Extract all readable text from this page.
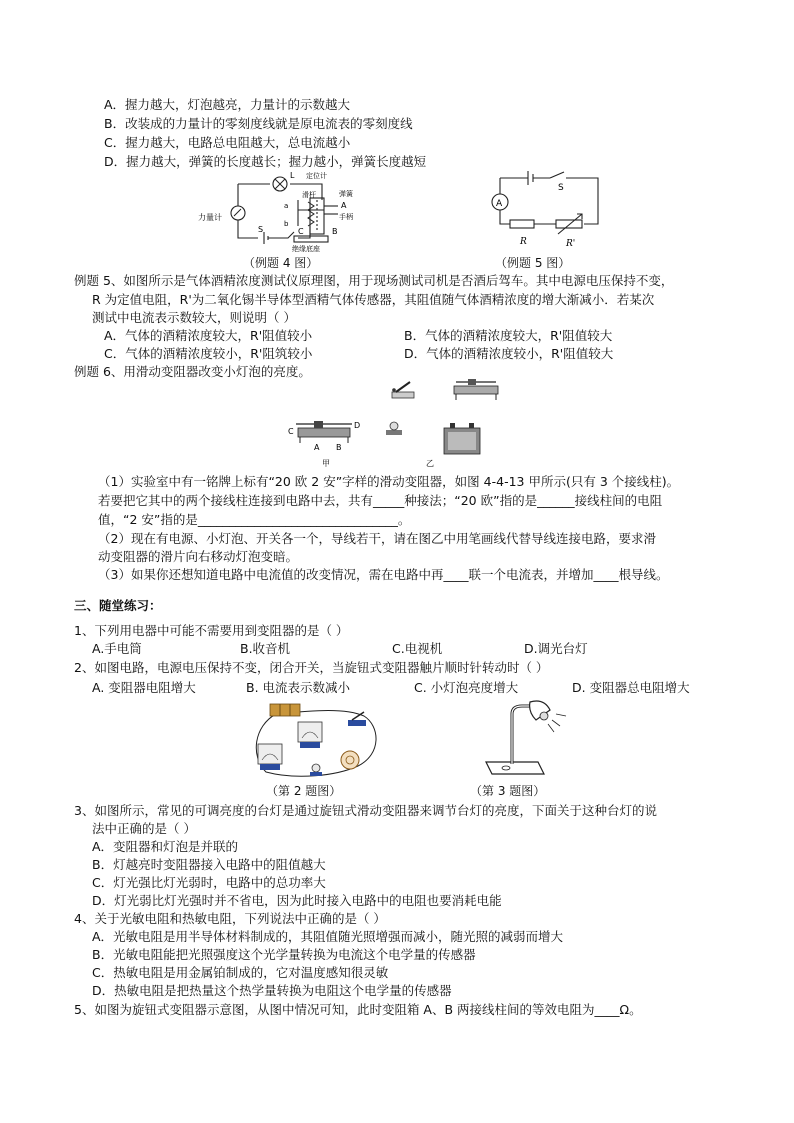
A．握力越大，灯泡越亮，力量计的示数越大
B．改装成的力量计的零刻度线就是原电流表的零刻度线
C．握力越大，电路总电阻越大，总电流越小
D．握力越大，弹簧的长度越长；握力越小，弹簧长度越短
L
力量计
S
定位计
弹簧
A
手柄
滑杆
a
b
C	B
绝缘底座
（例题 4 图）
A
S
R	R'
（例题 5 图）
例题 5、如图所示是气体酒精浓度测试仪原理图，用于现场测试司机是否酒后驾车。其中电源电压保持不变，
R 为定值电阻，R'为二氧化锡半导体型酒精气体传感器，其阻值随气体酒精浓度的增大渐减小．若某次
测试中电流表示数较大，则说明（ ）
A．气体的酒精浓度较大，R'阻值较小	B．气体的酒精浓度较大，R'阻值较大
C．气体的酒精浓度较小，R'阻筑较小	D．气体的酒精浓度较小，R'阻值较大
例题 6、用滑动变阻器改变小灯泡的亮度。
C
D
A B
甲	乙
（1）实验室中有一铭牌上标有“20 欧 2 安”字样的滑动变阻器，如图 4-4-13 甲所示(只有 3 个接线柱)。
若要把它其中的两个接线柱连接到电路中去，共有_____种接法；“20 欧”指的是______接线柱间的电阻
值，“2 安”指的是________________________________。
（2）现在有电源、小灯泡、开关各一个，导线若干，请在图乙中用笔画线代替导线连接电路，要求滑
动变阻器的滑片向右移动灯泡变暗。
（3）如果你还想知道电路中电流值的改变情况，需在电路中再____联一个电流表，并增加____根导线。
三、随堂练习：
1、下列用电器中可能不需要用到变阻器的是（ ）
A.手电筒	B.收音机	C.电视机	D.调光台灯
2、如图电路，电源电压保持不变，闭合开关，当旋钮式变阻器触片顺时针转动时（ ）
A. 变阻器电阻增大	B. 电流表示数减小	C. 小灯泡亮度增大	D. 变阻器总电阻增大
（第 2 题图）	（第 3 题图）
3、如图所示，常见的可调亮度的台灯是通过旋钮式滑动变阻器来调节台灯的亮度，下面关于这种台灯的说
法中正确的是（ ）
A．变阻器和灯泡是并联的
B．灯越亮时变阻器接入电路中的阻值越大
C．灯光强比灯光弱时，电路中的总功率大
D．灯光弱比灯光强时并不省电，因为此时接入电路中的电阻也要消耗电能
4、关于光敏电阻和热敏电阻，下列说法中正确的是（ ）
A．光敏电阻是用半导体材料制成的，其阻值随光照增强而减小，随光照的减弱而增大
B．光敏电阻能把光照强度这个光学量转换为电流这个电学量的传感器
C．热敏电阻是用金属铂制成的，它对温度感知很灵敏
D．热敏电阻是把热量这个热学量转换为电阻这个电学量的传感器
5、如图为旋钮式变阻器示意图，从图中情况可知，此时变阻箱 A、B 两接线柱间的等效电阻为____Ω。
